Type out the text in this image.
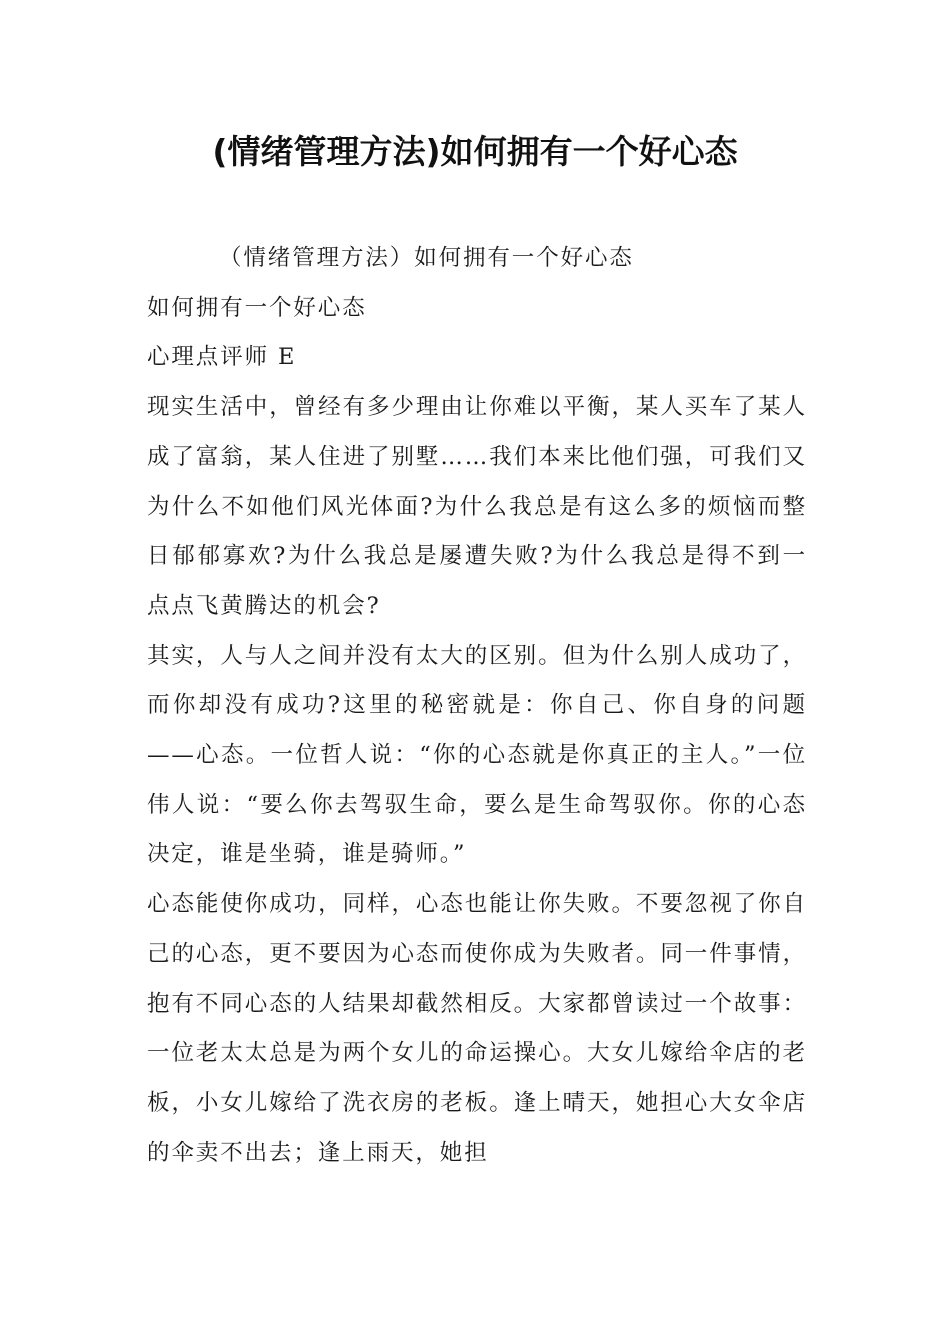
(情绪管理方法)如何拥有一个好心态

（情绪管理方法）如何拥有一个好心态

如何拥有一个好心态

心理点评师 E

现实生活中，曾经有多少理由让你难以平衡，某人买车了某人成了富翁，某人住进了别墅……我们本来比他们强，可我们又为什么不如他们风光体面?为什么我总是有这么多的烦恼而整日郁郁寡欢?为什么我总是屡遭失败?为什么我总是得不到一点点飞黄腾达的机会?

其实，人与人之间并没有太大的区别。但为什么别人成功了，而你却没有成功?这里的秘密就是：你自己、你自身的问题——心态。一位哲人说：“你的心态就是你真正的主人。”一位伟人说：“要么你去驾驭生命，要么是生命驾驭你。你的心态决定，谁是坐骑，谁是骑师。”

心态能使你成功，同样，心态也能让你失败。不要忽视了你自己的心态，更不要因为心态而使你成为失败者。同一件事情，抱有不同心态的人结果却截然相反。大家都曾读过一个故事：一位老太太总是为两个女儿的命运操心。大女儿嫁给伞店的老板，小女儿嫁给了洗衣房的老板。逢上晴天，她担心大女伞店的伞卖不出去；逢上雨天，她担
